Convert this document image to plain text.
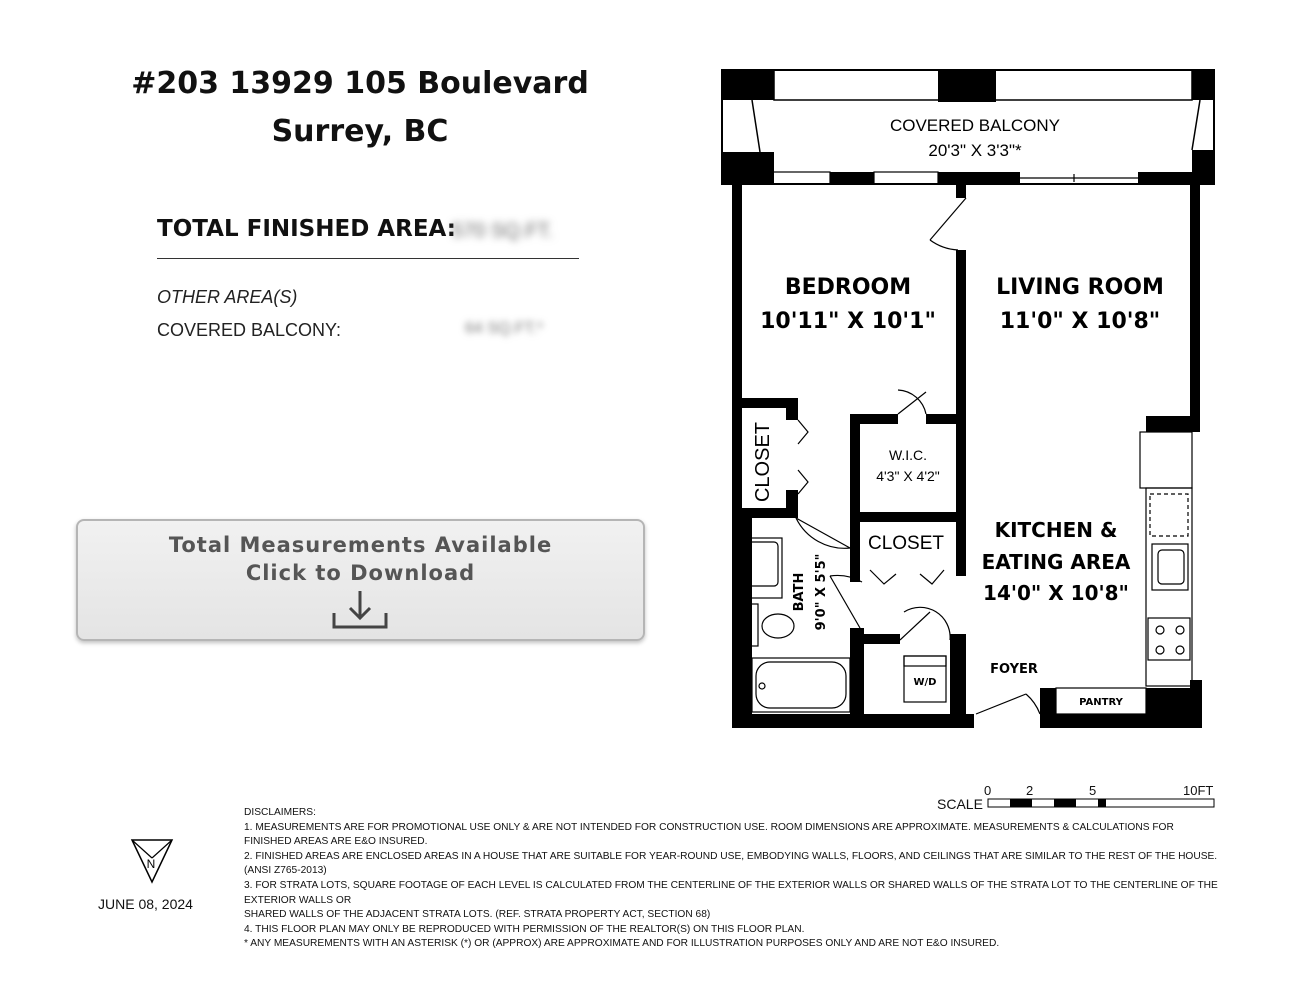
#203 13929 105 Boulevard
Surrey, BC
TOTAL FINISHED AREA:
570 SQ.FT.
OTHER AREA(S)
COVERED BALCONY:	64 SQ.FT.*
Total Measurements Available
Click to Download
COVERED BALCONY
20'3" X 3'3"*
BEDROOM
10'11" X 10'1"
LIVING ROOM
11'0" X 10'8"
CLOSET	W.I.C.
4'3" X 4'2"
CLOSET
KITCHEN &
EATING AREA
14'0" X 10'8"
BATH 9'0" X 5'5"
W/D
FOYER
PANTRY
N
SCALE
0	2	5	10FT
DISCLAIMERS:
1. MEASUREMENTS ARE FOR PROMOTIONAL USE ONLY & ARE NOT INTENDED FOR CONSTRUCTION USE. ROOM DIMENSIONS ARE APPROXIMATE. MEASUREMENTS & CALCULATIONS FOR FINISHED AREAS ARE E&O INSURED.
2. FINISHED AREAS ARE ENCLOSED AREAS IN A HOUSE THAT ARE SUITABLE FOR YEAR-ROUND USE, EMBODYING WALLS, FLOORS, AND CEILINGS THAT ARE SIMILAR TO THE REST OF THE HOUSE. (ANSI Z765-2013)
3. FOR STRATA LOTS, SQUARE FOOTAGE OF EACH LEVEL IS CALCULATED FROM THE CENTERLINE OF THE EXTERIOR WALLS OR SHARED WALLS OF THE STRATA LOT TO THE CENTERLINE OF THE EXTERIOR WALLS OR
SHARED WALLS OF THE ADJACENT STRATA LOTS. (REF. STRATA PROPERTY ACT, SECTION 68)
4. THIS FLOOR PLAN MAY ONLY BE REPRODUCED WITH PERMISSION OF THE REALTOR(S) ON THIS FLOOR PLAN.
* ANY MEASUREMENTS WITH AN ASTERISK (*) OR (APPROX) ARE APPROXIMATE AND FOR ILLUSTRATION PURPOSES ONLY AND ARE NOT E&O INSURED.
JUNE 08, 2024
